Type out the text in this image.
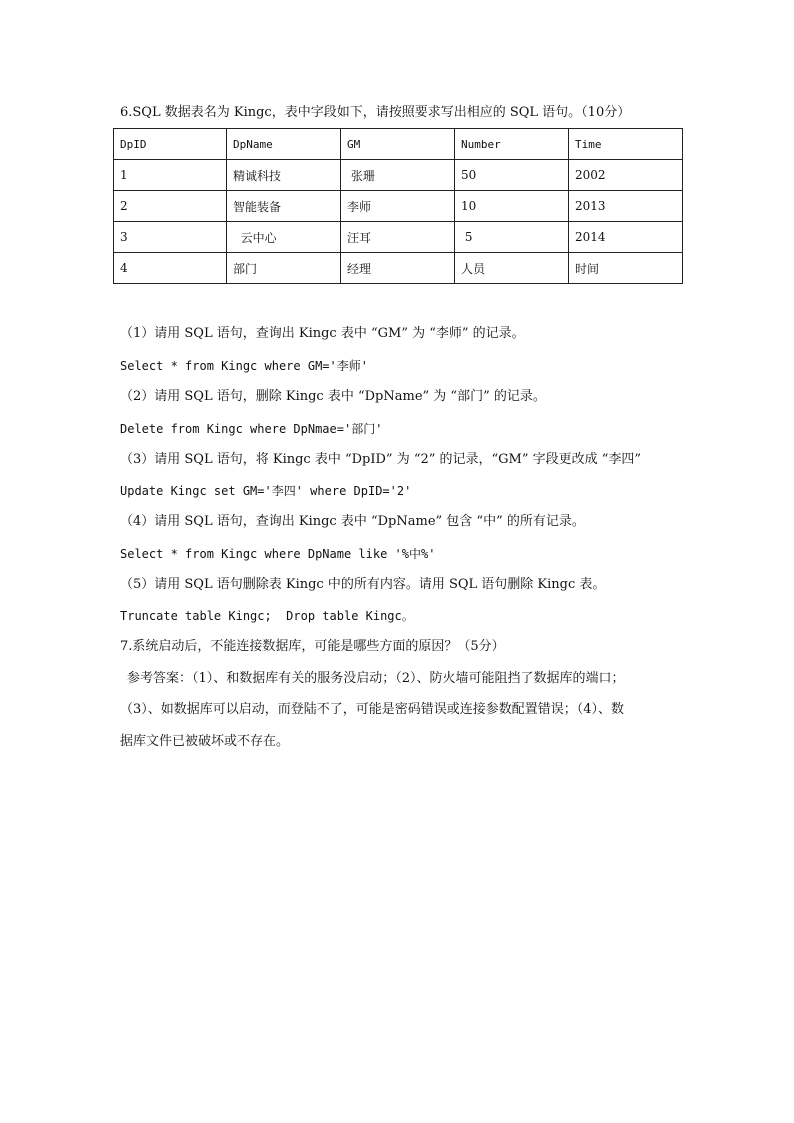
6.SQL 数据表名为 Kingc，表中字段如下，请按照要求写出相应的 SQL 语句。（10分）
DpID	DpName	GM	Number	Time
1	精诚科技	张珊	50	2002
2	智能装备	李师	10	2013
3	云中心	汪耳	5	2014
4	部门	经理	人员	时间
（1）请用 SQL 语句，查询出 Kingc 表中 “GM” 为 “李师” 的记录。
Select * from Kingc where GM='李师'
（2）请用 SQL 语句，删除 Kingc 表中 “DpName” 为 “部门” 的记录。
Delete from Kingc where DpNmae='部门'
（3）请用 SQL 语句，将 Kingc 表中 “DpID” 为 “2” 的记录，“GM” 字段更改成 “李四”
Update Kingc set GM='李四' where DpID='2'
（4）请用 SQL 语句，查询出 Kingc 表中 “DpName” 包含 “中” 的所有记录。
Select * from Kingc where DpName like '%中%'
（5）请用 SQL 语句删除表 Kingc 中的所有内容。请用 SQL 语句删除 Kingc 表。
Truncate table Kingc;  Drop table Kingc。
7.系统启动后，不能连接数据库，可能是哪些方面的原因？（5分）
参考答案：（1）、和数据库有关的服务没启动；（2）、防火墙可能阻挡了数据库的端口；
（3）、如数据库可以启动，而登陆不了，可能是密码错误或连接参数配置错误；（4）、数
据库文件已被破坏或不存在。
